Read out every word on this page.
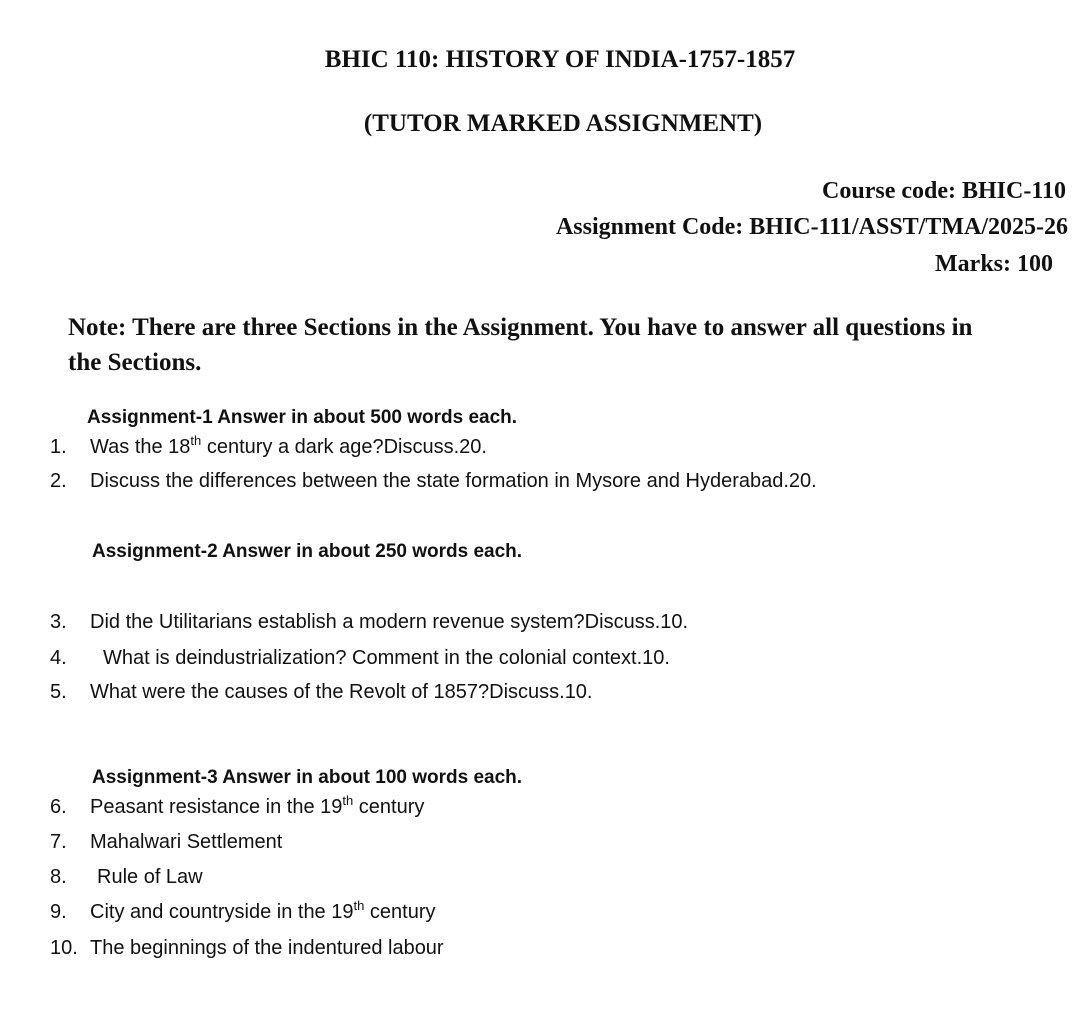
BHIC 110: HISTORY OF INDIA-1757-1857
(TUTOR MARKED ASSIGNMENT)
Course code: BHIC-110
Assignment Code: BHIC-111/ASST/TMA/2025-26
Marks: 100
Note: There are three Sections in the Assignment. You have to answer all questions in
the Sections.
Assignment-1 Answer in about 500 words each.
1. Was the 18th century a dark age?Discuss.20.
2. Discuss the differences between the state formation in Mysore and Hyderabad.20.
Assignment-2 Answer in about 250 words each.
3. Did the Utilitarians establish a modern revenue system?Discuss.10.
4. What is deindustrialization? Comment in the colonial context.10.
5. What were the causes of the Revolt of 1857?Discuss.10.
Assignment-3 Answer in about 100 words each.
6. Peasant resistance in the 19th century
7. Mahalwari Settlement
8. Rule of Law
9. City and countryside in the 19th century
10. The beginnings of the indentured labour
